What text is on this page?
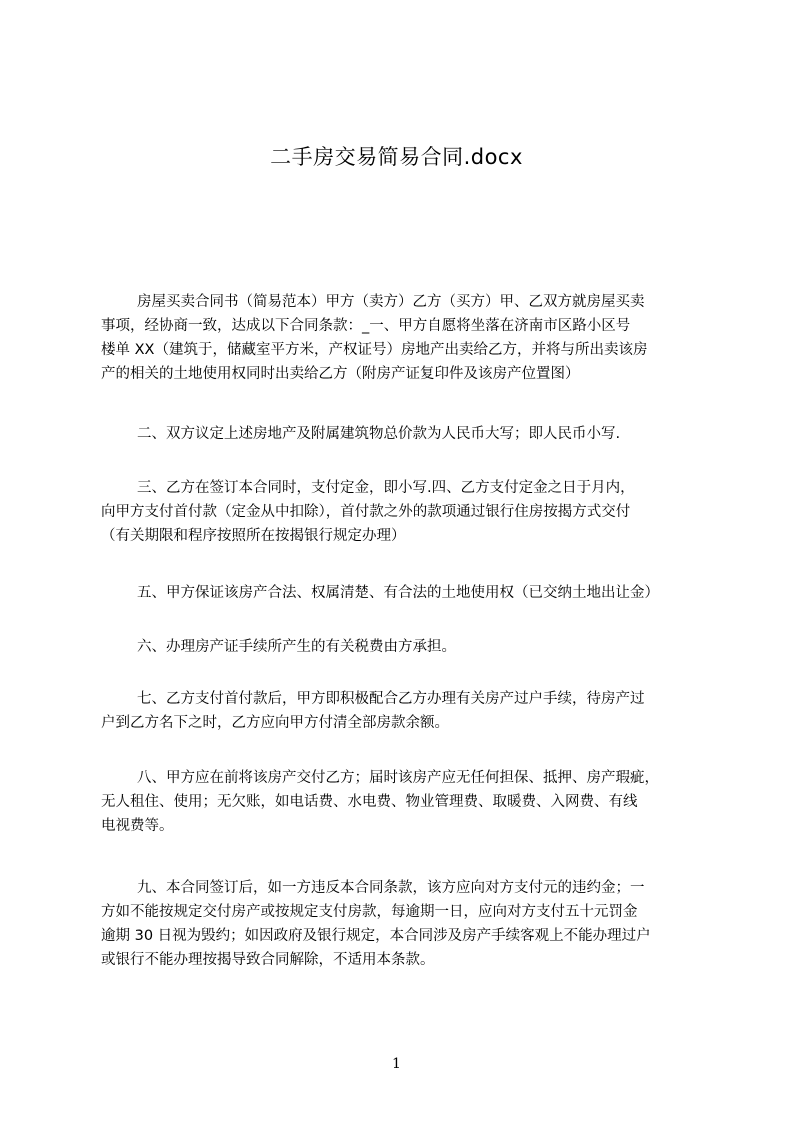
二手房交易简易合同.docx
房屋买卖合同书（简易范本）甲方（卖方）乙方（买方）甲、乙双方就房屋买卖
事项，经协商一致，达成以下合同条款：_一、甲方自愿将坐落在济南市区路小区号
楼单 XX（建筑于，储藏室平方米，产权证号）房地产出卖给乙方，并将与所出卖该房
产的相关的土地使用权同时出卖给乙方（附房产证复印件及该房产位置图）
二、双方议定上述房地产及附属建筑物总价款为人民币大写；即人民币小写.
三、乙方在签订本合同时，支付定金，即小写.四、乙方支付定金之日于月内，
向甲方支付首付款（定金从中扣除），首付款之外的款项通过银行住房按揭方式交付
（有关期限和程序按照所在按揭银行规定办理）
五、甲方保证该房产合法、权属清楚、有合法的土地使用权（已交纳土地出让金）
六、办理房产证手续所产生的有关税费由方承担。
七、乙方支付首付款后，甲方即积极配合乙方办理有关房产过户手续，待房产过
户到乙方名下之时，乙方应向甲方付清全部房款余额。
八、甲方应在前将该房产交付乙方；届时该房产应无任何担保、抵押、房产瑕疵，
无人租住、使用；无欠账，如电话费、水电费、物业管理费、取暖费、入网费、有线
电视费等。
九、本合同签订后，如一方违反本合同条款，该方应向对方支付元的违约金；一
方如不能按规定交付房产或按规定支付房款，每逾期一日，应向对方支付五十元罚金
逾期 30 日视为毁约；如因政府及银行规定，本合同涉及房产手续客观上不能办理过户
或银行不能办理按揭导致合同解除，不适用本条款。
1
